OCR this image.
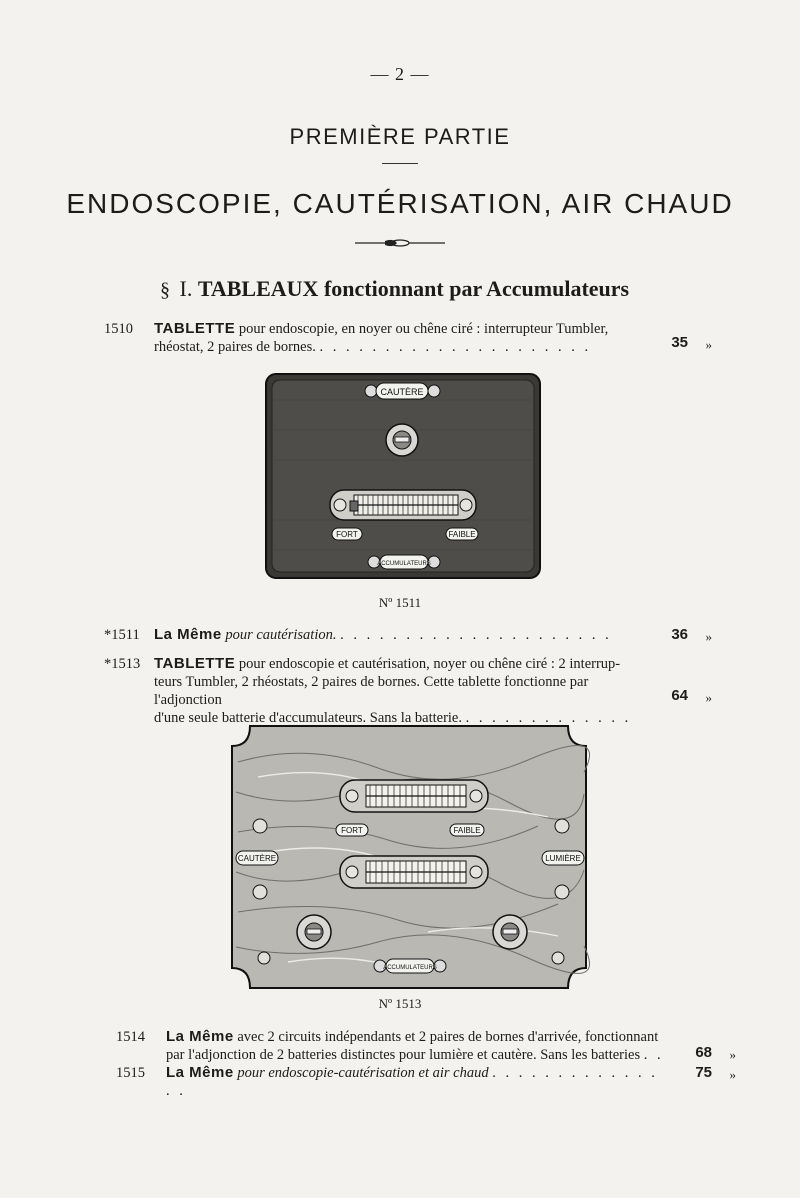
— 2 —
PREMIÈRE PARTIE
ENDOSCOPIE, CAUTÉRISATION, AIR CHAUD
§ I. TABLEAUX fonctionnant par Accumulateurs
1510	TABLETTE pour endoscopie, en noyer ou chêne ciré : interrupteur Tumbler,
rhéostat, 2 paires de bornes. . . . . . . . . . . . . . . . . . . . . .	35 »
CAUTÈRE
FORT	FAIBLE
ACCUMULATEURS
Nº 1511
*1511 La Même pour cautérisation. . . . . . . . . . . . . . . . . . . . . .	36 »
*1513 TABLETTE pour endoscopie et cautérisation, noyer ou chêne ciré : 2 interrup-
teurs Tumbler, 2 rhéostats, 2 paires de bornes. Cette tablette fonctionne par l'adjonction
d'une seule batterie d'accumulateurs. Sans la batterie. . . . . . . . . . . . . .
64 »
FORT	FAIBLE
CAUTÈRE	LUMIÈRE
ACCUMULATEURS
Nº 1513
1514	La Même avec 2 circuits indépendants et 2 paires de bornes d'arrivée, fonctionnant
par l'adjonction de 2 batteries distinctes pour lumière et cautère. Sans les batteries . . 68 »
1515	La Même pour endoscopie-cautérisation et air chaud . . . . . . . . . . . . . . .
75 »
